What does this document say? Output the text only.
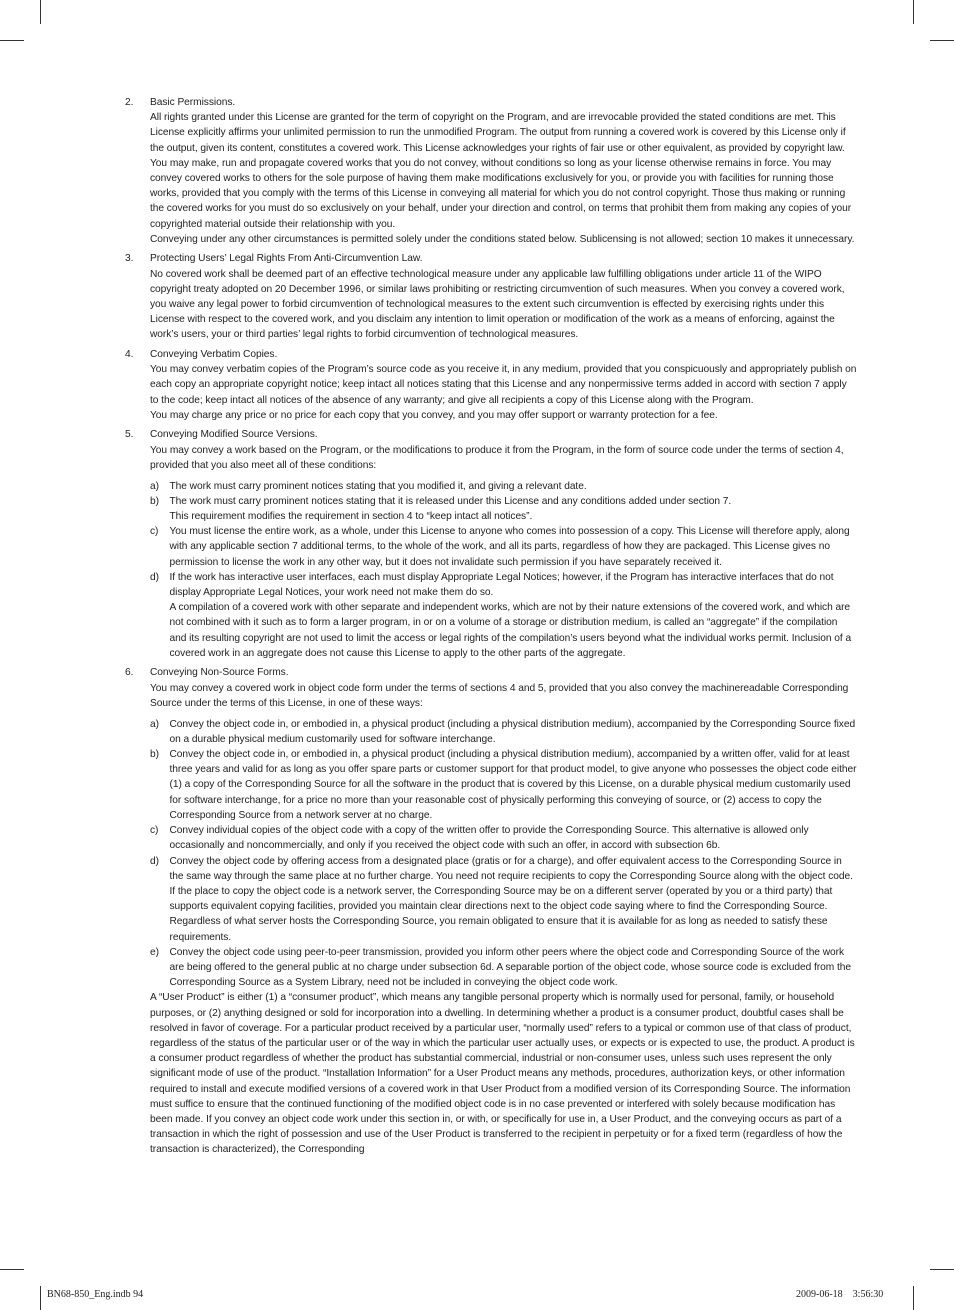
2. Basic Permissions.

All rights granted under this License are granted for the term of copyright on the Program, and are irrevocable provided the stated conditions are met. This License explicitly affirms your unlimited permission to run the unmodified Program. The output from running a covered work is covered by this License only if the output, given its content, constitutes a covered work. This License acknowledges your rights of fair use or other equivalent, as provided by copyright law. You may make, run and propagate covered works that you do not convey, without conditions so long as your license otherwise remains in force. You may convey covered works to others for the sole purpose of having them make modifications exclusively for you, or provide you with facilities for running those works, provided that you comply with the terms of this License in conveying all material for which you do not control copyright. Those thus making or running the covered works for you must do so exclusively on your behalf, under your direction and control, on terms that prohibit them from making any copies of your copyrighted material outside their relationship with you.

Conveying under any other circumstances is permitted solely under the conditions stated below. Sublicensing is not allowed; section 10 makes it unnecessary.

3. Protecting Users’ Legal Rights From Anti-Circumvention Law.

No covered work shall be deemed part of an effective technological measure under any applicable law fulfilling obligations under article 11 of the WIPO copyright treaty adopted on 20 December 1996, or similar laws prohibiting or restricting circumvention of such measures. When you convey a covered work, you waive any legal power to forbid circumvention of technological measures to the extent such circumvention is effected by exercising rights under this License with respect to the covered work, and you disclaim any intention to limit operation or modification of the work as a means of enforcing, against the work’s users, your or third parties’ legal rights to forbid circumvention of technological measures.

4. Conveying Verbatim Copies.

You may convey verbatim copies of the Program’s source code as you receive it, in any medium, provided that you conspicuously and appropriately publish on each copy an appropriate copyright notice; keep intact all notices stating that this License and any nonpermissive terms added in accord with section 7 apply to the code; keep intact all notices of the absence of any warranty; and give all recipients a copy of this License along with the Program.

You may charge any price or no price for each copy that you convey, and you may offer support or warranty protection for a fee.

5. Conveying Modified Source Versions.

You may convey a work based on the Program, or the modifications to produce it from the Program, in the form of source code under the terms of section 4, provided that you also meet all of these conditions:

a) The work must carry prominent notices stating that you modified it, and giving a relevant date.

b) The work must carry prominent notices stating that it is released under this License and any conditions added under section 7.

This requirement modifies the requirement in section 4 to “keep intact all notices”.

c) You must license the entire work, as a whole, under this License to anyone who comes into possession of a copy. This License will therefore apply, along with any applicable section 7 additional terms, to the whole of the work, and all its parts, regardless of how they are packaged. This License gives no permission to license the work in any other way, but it does not invalidate such permission if you have separately received it.

d) If the work has interactive user interfaces, each must display Appropriate Legal Notices; however, if the Program has interactive interfaces that do not display Appropriate Legal Notices, your work need not make them do so.

A compilation of a covered work with other separate and independent works, which are not by their nature extensions of the covered work, and which are not combined with it such as to form a larger program, in or on a volume of a storage or distribution medium, is called an “aggregate” if the compilation and its resulting copyright are not used to limit the access or legal rights of the compilation’s users beyond what the individual works permit. Inclusion of a covered work in an aggregate does not cause this License to apply to the other parts of the aggregate.

6. Conveying Non-Source Forms.

You may convey a covered work in object code form under the terms of sections 4 and 5, provided that you also convey the machinereadable Corresponding Source under the terms of this License, in one of these ways:

a) Convey the object code in, or embodied in, a physical product (including a physical distribution medium), accompanied by the Corresponding Source fixed on a durable physical medium customarily used for software interchange.

b) Convey the object code in, or embodied in, a physical product (including a physical distribution medium), accompanied by a written offer, valid for at least three years and valid for as long as you offer spare parts or customer support for that product model, to give anyone who possesses the object code either (1) a copy of the Corresponding Source for all the software in the product that is covered by this License, on a durable physical medium customarily used for software interchange, for a price no more than your reasonable cost of physically performing this conveying of source, or (2) access to copy the Corresponding Source from a network server at no charge.

c) Convey individual copies of the object code with a copy of the written offer to provide the Corresponding Source. This alternative is allowed only occasionally and noncommercially, and only if you received the object code with such an offer, in accord with subsection 6b.

d) Convey the object code by offering access from a designated place (gratis or for a charge), and offer equivalent access to the Corresponding Source in the same way through the same place at no further charge. You need not require recipients to copy the Corresponding Source along with the object code. If the place to copy the object code is a network server, the Corresponding Source may be on a different server (operated by you or a third party) that supports equivalent copying facilities, provided you maintain clear directions next to the object code saying where to find the Corresponding Source. Regardless of what server hosts the Corresponding Source, you remain obligated to ensure that it is available for as long as needed to satisfy these requirements.

e) Convey the object code using peer-to-peer transmission, provided you inform other peers where the object code and Corresponding Source of the work are being offered to the general public at no charge under subsection 6d. A separable portion of the object code, whose source code is excluded from the Corresponding Source as a System Library, need not be included in conveying the object code work.

A “User Product” is either (1) a “consumer product”, which means any tangible personal property which is normally used for personal, family, or household purposes, or (2) anything designed or sold for incorporation into a dwelling. In determining whether a product is a consumer product, doubtful cases shall be resolved in favor of coverage. For a particular product received by a particular user, “normally used” refers to a typical or common use of that class of product, regardless of the status of the particular user or of the way in which the particular user actually uses, or expects or is expected to use, the product. A product is a consumer product regardless of whether the product has substantial commercial, industrial or non-consumer uses, unless such uses represent the only significant mode of use of the product. “Installation Information” for a User Product means any methods, procedures, authorization keys, or other information required to install and execute modified versions of a covered work in that User Product from a modified version of its Corresponding Source. The information must suffice to ensure that the continued functioning of the modified object code is in no case prevented or interfered with solely because modification has been made. If you convey an object code work under this section in, or with, or specifically for use in, a User Product, and the conveying occurs as part of a transaction in which the right of possession and use of the User Product is transferred to the recipient in perpetuity or for a fixed term (regardless of how the transaction is characterized), the Corresponding

BN68-850_Eng.indb 94	2009-06-18    3:56:30
